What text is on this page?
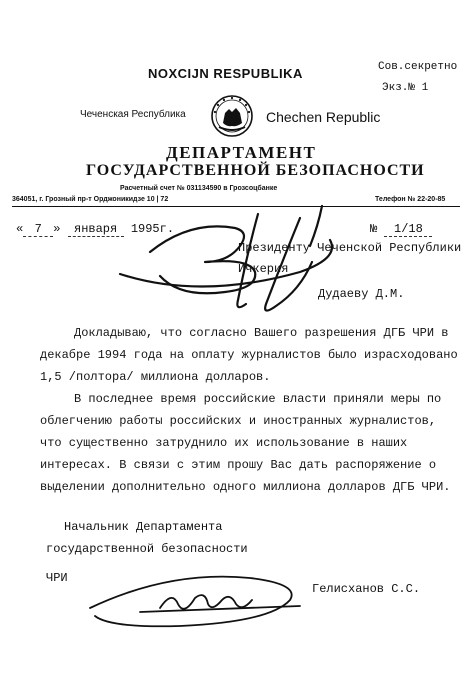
NOXCIJN RESPUBLIKA	Сов.секретно
Экз.№ 1
Чеченская Республика	Chechen Republic
ДЕПАРТАМЕНТ
ГОСУДАРСТВЕННОЙ БЕЗОПАСНОСТИ
Расчетный счет № 031134590 в Грозсоцбанке
364051, г. Грозный пр-т Орджоникидзе 10 | 72	Телефон № 22-20-85
« 7 » января 1995г.	№ 1/18
Президенту Чеченской Республики
Ичкерия
Дудаеву Д.М.
Докладываю, что согласно Вашего разрешения ДГБ ЧРИ в декабре 1994 года на оплату журналистов было израсходовано 1,5 /полтора/ миллиона долларов.
В последнее время российские власти приняли меры по облегчению работы российских и иностранных журналистов, что существенно затруднило их использование в наших интересах. В связи с этим прошу Вас дать распоряжение о выделении дополнительно одного миллиона долларов ДГБ ЧРИ.
Начальник Департамента
государственной безопасности
ЧРИ
Гелисханов С.С.
